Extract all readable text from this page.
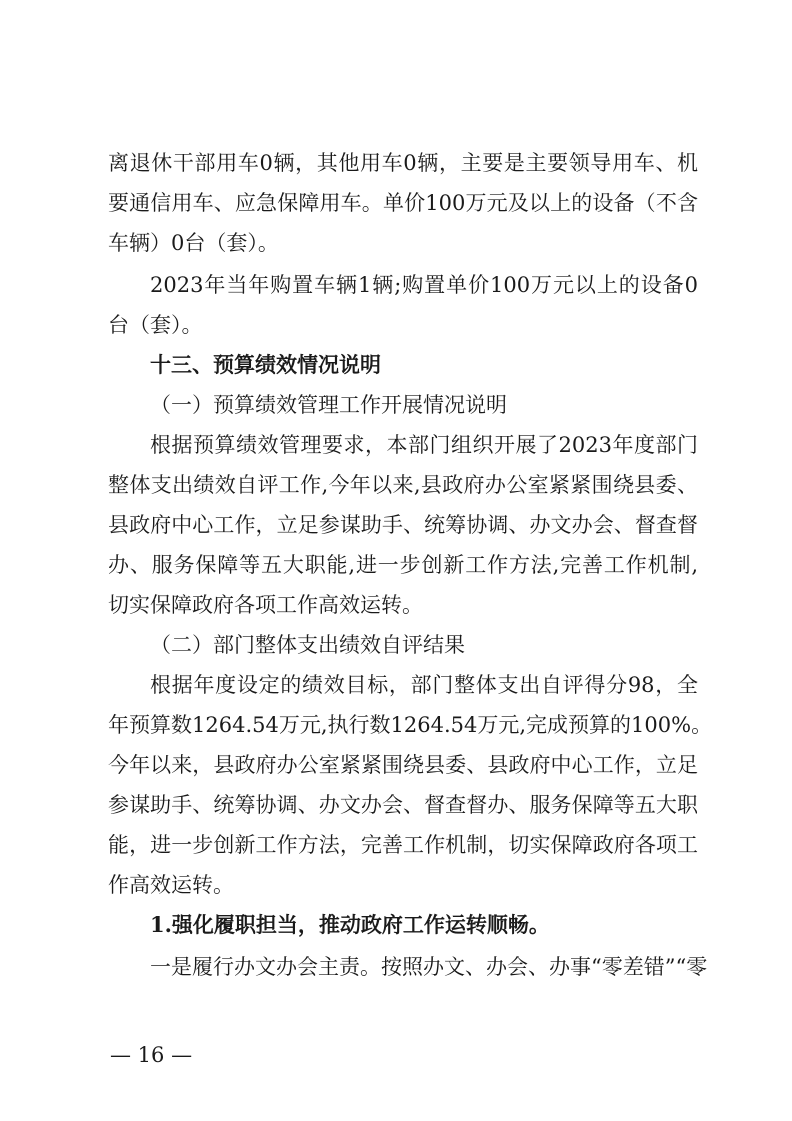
离退休干部用车0辆，其他用车0辆，主要是主要领导用车、机
要通信用车、应急保障用车。单价100万元及以上的设备（不含
车辆）0台（套）。
2023年当年购置车辆1辆;购置单价100万元以上的设备0
台（套）。
十三、预算绩效情况说明
（一）预算绩效管理工作开展情况说明
根据预算绩效管理要求，本部门组织开展了2023年度部门
整体支出绩效自评工作,今年以来,县政府办公室紧紧围绕县委、
县政府中心工作，立足参谋助手、统筹协调、办文办会、督查督
办、服务保障等五大职能,进一步创新工作方法,完善工作机制,
切实保障政府各项工作高效运转。
（二）部门整体支出绩效自评结果
根据年度设定的绩效目标，部门整体支出自评得分98，全
年预算数1264.54万元,执行数1264.54万元,完成预算的100%。
今年以来，县政府办公室紧紧围绕县委、县政府中心工作，立足
参谋助手、统筹协调、办文办会、督查督办、服务保障等五大职
能，进一步创新工作方法，完善工作机制，切实保障政府各项工
作高效运转。
1.强化履职担当，推动政府工作运转顺畅。
一是履行办文办会主责。按照办文、办会、办事“零差错”“零
— 16 —
